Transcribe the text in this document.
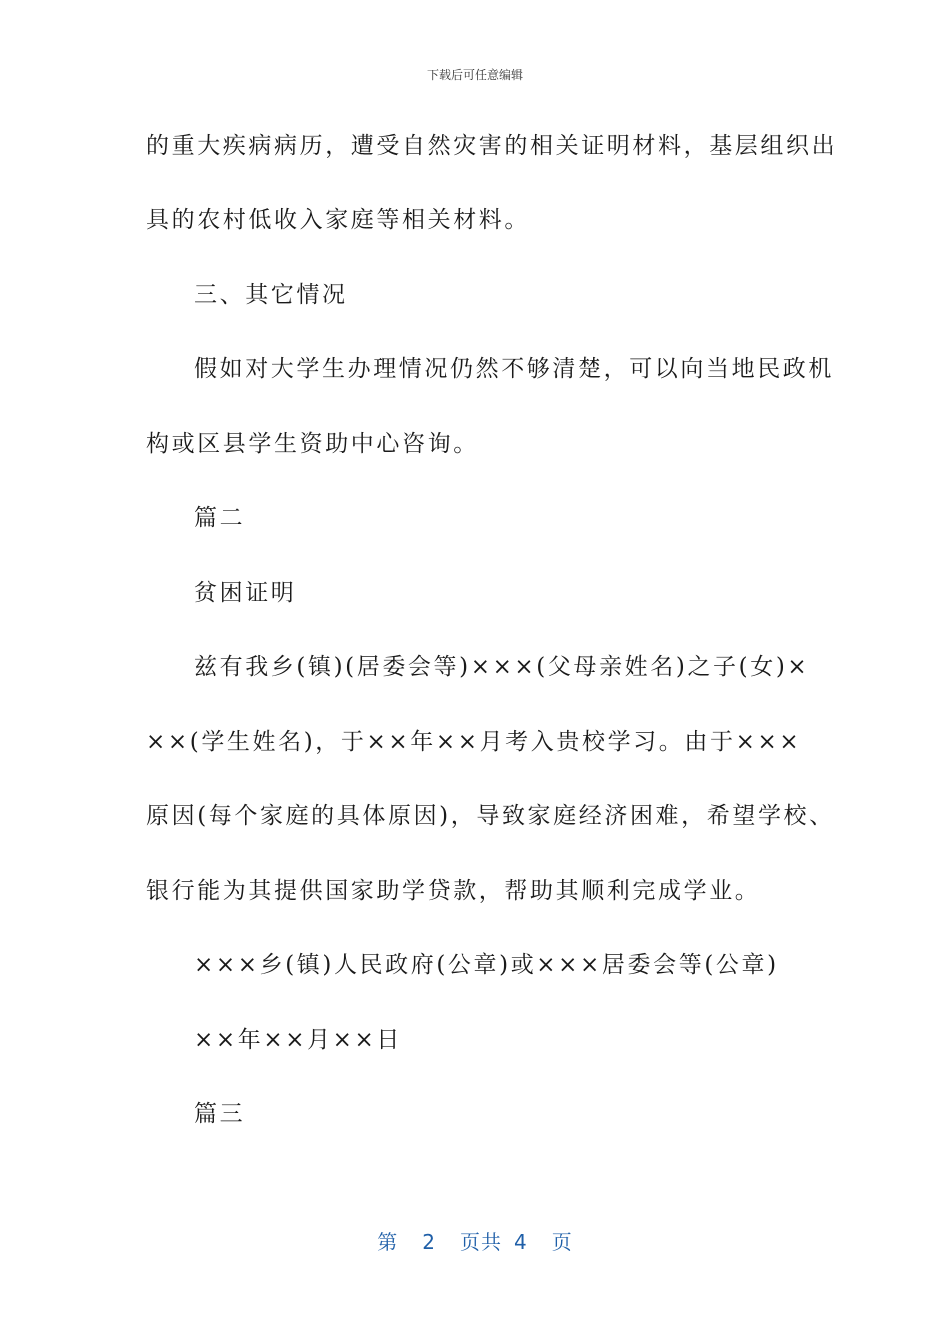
下载后可任意编辑
的重大疾病病历，遭受自然灾害的相关证明材料，基层组织出
具的农村低收入家庭等相关材料。
三、其它情况
假如对大学生办理情况仍然不够清楚，可以向当地民政机
构或区县学生资助中心咨询。
篇二
贫困证明
兹有我乡(镇)(居委会等)×××(父母亲姓名)之子(女)×
××(学生姓名)，于××年××月考入贵校学习。由于×××
原因(每个家庭的具体原因)，导致家庭经济困难，希望学校、
银行能为其提供国家助学贷款，帮助其顺利完成学业。
×××乡(镇)人民政府(公章)或×××居委会等(公章)
××年××月××日
篇三
第 2 页共 4 页
